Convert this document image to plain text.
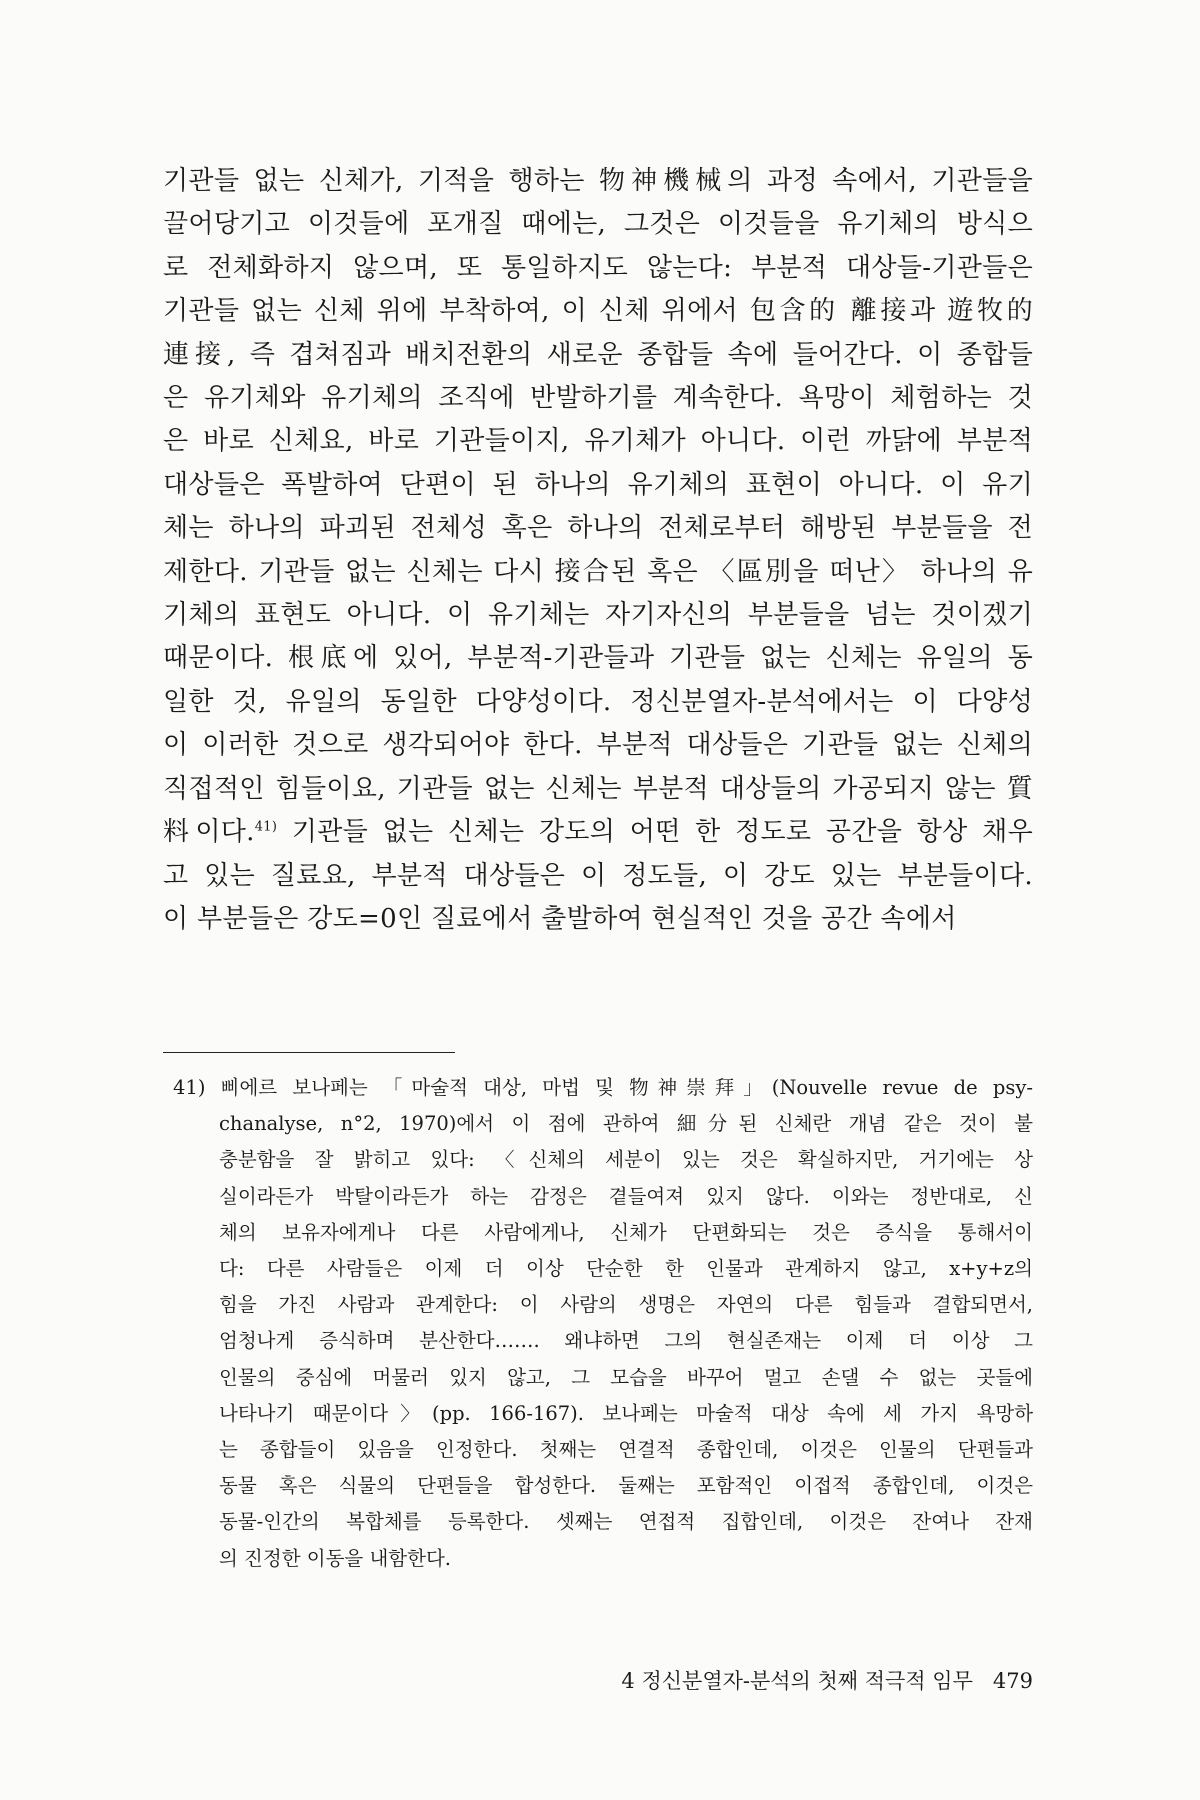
기관들 없는 신체가, 기적을 행하는 物神機械의 과정 속에서, 기관들을
끌어당기고 이것들에 포개질 때에는, 그것은 이것들을 유기체의 방식으
로 전체화하지 않으며, 또 통일하지도 않는다: 부분적 대상들-기관들은
기관들 없는 신체 위에 부착하여, 이 신체 위에서 包含的 離接과 遊牧的
連接, 즉 겹쳐짐과 배치전환의 새로운 종합들 속에 들어간다. 이 종합들
은 유기체와 유기체의 조직에 반발하기를 계속한다. 욕망이 체험하는 것
은 바로 신체요, 바로 기관들이지, 유기체가 아니다. 이런 까닭에 부분적
대상들은 폭발하여 단편이 된 하나의 유기체의 표현이 아니다. 이 유기
체는 하나의 파괴된 전체성 혹은 하나의 전체로부터 해방된 부분들을 전
제한다. 기관들 없는 신체는 다시 接合된 혹은 〈區別을 떠난〉 하나의 유
기체의 표현도 아니다. 이 유기체는 자기자신의 부분들을 넘는 것이겠기
때문이다. 根底에 있어, 부분적-기관들과 기관들 없는 신체는 유일의 동
일한 것, 유일의 동일한 다양성이다. 정신분열자-분석에서는 이 다양성
이 이러한 것으로 생각되어야 한다. 부분적 대상들은 기관들 없는 신체의
직접적인 힘들이요, 기관들 없는 신체는 부분적 대상들의 가공되지 않는 質
料이다.$^{41)}$ 기관들 없는 신체는 강도의 어떤 한 정도로 공간을 항상 채우
고 있는 질료요, 부분적 대상들은 이 정도들, 이 강도 있는 부분들이다.
이 부분들은 강도=0인 질료에서 출발하여 현실적인 것을 공간 속에서
41) 삐에르 보나페는 「마술적 대상, 마법 및 物神崇拜」(Nouvelle revue de psy-
chanalyse, n°2, 1970)에서 이 점에 관하여 細分된 신체란 개념 같은 것이 불
충분함을 잘 밝히고 있다: 〈신체의 세분이 있는 것은 확실하지만, 거기에는 상
실이라든가 박탈이라든가 하는 감정은 곁들여져 있지 않다. 이와는 정반대로, 신
체의 보유자에게나 다른 사람에게나, 신체가 단편화되는 것은 증식을 통해서이
다: 다른 사람들은 이제 더 이상 단순한 한 인물과 관계하지 않고, x+y+z의
힘을 가진 사람과 관계한다: 이 사람의 생명은 자연의 다른 힘들과 결합되면서,
엄청나게 증식하며 분산한다……. 왜냐하면 그의 현실존재는 이제 더 이상 그
인물의 중심에 머물러 있지 않고, 그 모습을 바꾸어 멀고 손댈 수 없는 곳들에
나타나기 때문이다〉(pp. 166-167). 보나페는 마술적 대상 속에 세 가지 욕망하
는 종합들이 있음을 인정한다. 첫째는 연결적 종합인데, 이것은 인물의 단편들과
동물 혹은 식물의 단편들을 합성한다. 둘째는 포함적인 이접적 종합인데, 이것은
동물-인간의 복합체를 등록한다. 셋째는 연접적 집합인데, 이것은 잔여나 잔재
의 진정한 이동을 내함한다.
4 정신분열자-분석의 첫째 적극적 임무 479
